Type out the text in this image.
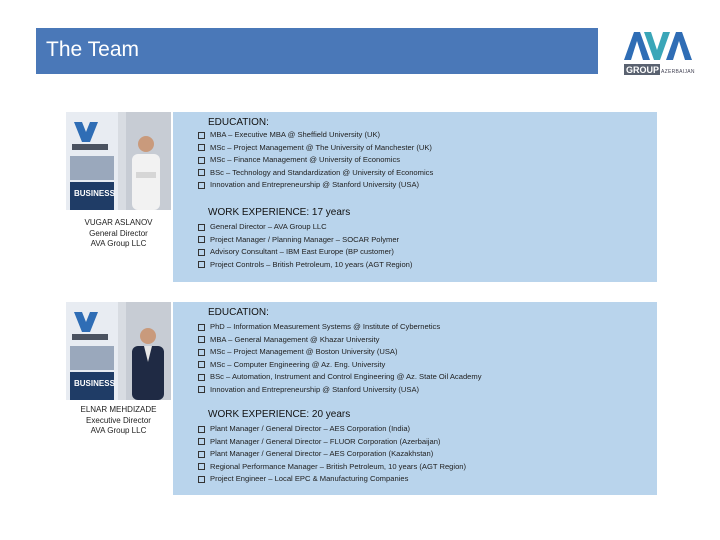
The Team
GROUP AZERBAIJAN
BUSINESS
VUGAR ASLANOV
General Director
AVA Group LLC
EDUCATION:
MBA – Executive MBA @ Sheffield University (UK)
MSc – Project Management @ The University of Manchester (UK)
MSc – Finance Management @ University of Economics
BSc – Technology and Standardization @ University of Economics
Innovation and Entrepreneurship @ Stanford University (USA)
WORK EXPERIENCE: 17 years
General Director – AVA Group LLC
Project Manager / Planning Manager – SOCAR Polymer
Advisory Consultant – IBM East Europe (BP customer)
Project Controls – British Petroleum, 10 years (AGT Region)
BUSINESS
ELNAR MEHDIZADE
Executive Director
AVA Group LLC
EDUCATION:
PhD – Information Measurement Systems @ Institute of Cybernetics
MBA – General Management @ Khazar University
MSc – Project Management @ Boston University (USA)
MSc – Computer Engineering @ Az. Eng. University
BSc – Automation, Instrument and Control Engineering @ Az. State Oil Academy
Innovation and Entrepreneurship @ Stanford University (USA)
WORK EXPERIENCE: 20 years
Plant Manager / General Director – AES Corporation (India)
Plant Manager / General Director – FLUOR Corporation (Azerbaijan)
Plant Manager / General Director – AES Corporation (Kazakhstan)
Regional Performance Manager – British Petroleum, 10 years (AGT Region)
Project Engineer – Local EPC & Manufacturing Companies
